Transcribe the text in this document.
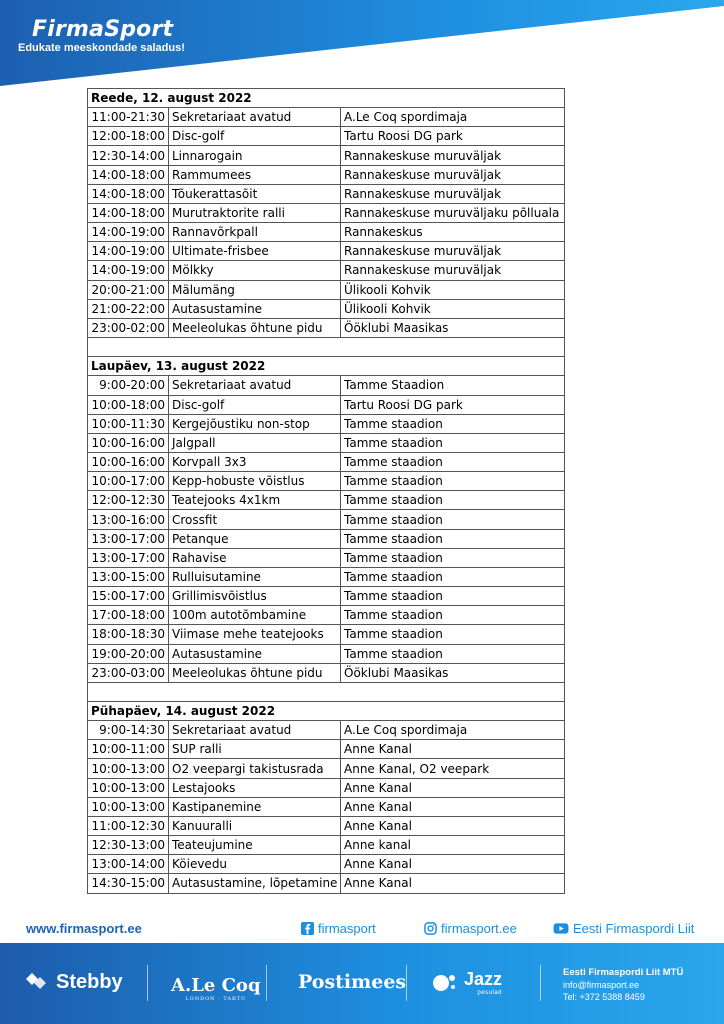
FirmaSport
Edukate meeskondade saladus!
Reede, 12. august 2022		
11:00-21:30	Sekretariaat avatud	A.Le Coq spordimaja
12:00-18:00	Disc-golf	Tartu Roosi DG park
12:30-14:00	Linnarogain	Rannakeskuse muruväljak
14:00-18:00	Rammumees	Rannakeskuse muruväljak
14:00-18:00	Tõukerattasõit	Rannakeskuse muruväljak
14:00-18:00	Murutraktorite ralli	Rannakeskuse muruväljaku põlluala
14:00-19:00	Rannavõrkpall	Rannakeskus
14:00-19:00	Ultimate-frisbee	Rannakeskuse muruväljak
14:00-19:00	Mölkky	Rannakeskuse muruväljak
20:00-21:00	Mälumäng	Ülikooli Kohvik
21:00-22:00	Autasustamine	Ülikooli Kohvik
23:00-02:00	Meeleolukas õhtune pidu	Ööklubi Maasikas

Laupäev, 13. august 2022		
9:00-20:00	Sekretariaat avatud	Tamme Staadion
10:00-18:00	Disc-golf	Tartu Roosi DG park
10:00-11:30	Kergejõustiku non-stop	Tamme staadion
10:00-16:00	Jalgpall	Tamme staadion
10:00-16:00	Korvpall 3x3	Tamme staadion
10:00-17:00	Kepp-hobuste võistlus	Tamme staadion
12:00-12:30	Teatejooks 4x1km	Tamme staadion
13:00-16:00	Crossfit	Tamme staadion
13:00-17:00	Petanque	Tamme staadion
13:00-17:00	Rahavise	Tamme staadion
13:00-15:00	Rulluisutamine	Tamme staadion
15:00-17:00	Grillimisvõistlus	Tamme staadion
17:00-18:00	100m autotõmbamine	Tamme staadion
18:00-18:30	Viimase mehe teatejooks	Tamme staadion
19:00-20:00	Autasustamine	Tamme staadion
23:00-03:00	Meeleolukas õhtune pidu	Ööklubi Maasikas

Pühapäev, 14. august 2022		
9:00-14:30	Sekretariaat avatud	A.Le Coq spordimaja
10:00-11:00	SUP ralli	Anne Kanal
10:00-13:00	O2 veepargi takistusrada	Anne Kanal, O2 veepark
10:00-13:00	Lestajooks	Anne Kanal
10:00-13:00	Kastipanemine	Anne Kanal
11:00-12:30	Kanuuralli	Anne Kanal
12:30-13:00	Teateujumine	Anne kanal
13:00-14:00	Köievedu	Anne Kanal
14:30-15:00	Autasustamine, lõpetamine	Anne Kanal
www.firmasport.ee	firmasport	firmasport.ee	Eesti Firmaspordi Liit
Stebby	A.Le Coq
LONDON · TARTU
Postimees	Jazz
pesulad
Eesti Firmaspordi Liit MTÜ
info@firmasport.ee
Tel: +372 5388 8459
